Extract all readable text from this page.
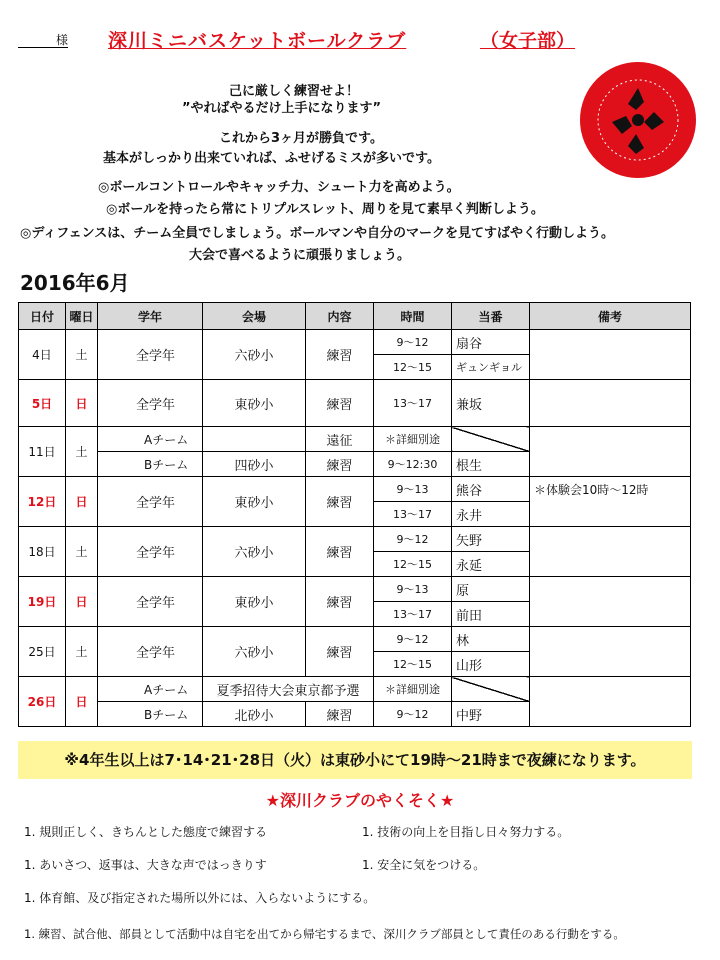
様 深川ミニバスケットボールクラブ	（女子部）
己に厳しく練習せよ！
”やればやるだけ上手になります”
これから3ヶ月が勝負です。
基本がしっかり出来ていれば、ふせげるミスが多いです。
◎ボールコントロールやキャッチ力、シュート力を高めよう。
◎ボールを持ったら常にトリプルスレット、周りを見て素早く判断しよう。
◎ディフェンスは、チーム全員でしましょう。ボールマンや自分のマークを見てすばやく行動しよう。
大会で喜べるように頑張りましょう。
2016年6月
日付	曜日	学年	会場	内容	時間	当番	備考
4日	土	全学年	六砂小	練習	9～12	扇谷	
					12～15	ギュンギョル	
5日	日	全学年	東砂小	練習	13～17	兼坂	
11日	土	Aチーム		遠征	＊詳細別途		
		Bチーム	四砂小	練習	9～12:30	根生	
12日	日	全学年	東砂小	練習	9～13	熊谷	＊体験会10時～12時
					13～17	永井	
18日	土	全学年	六砂小	練習	9～12	矢野	
					12～15	永延	
19日	日	全学年	東砂小	練習	9～13	原	
					13～17	前田	
25日	土	全学年	六砂小	練習	9～12	林	
					12～15	山形	
26日	日	Aチーム	夏季招待大会東京都予選		＊詳細別途		
		Bチーム	北砂小	練習	9～12	中野	
※4年生以上は7･14･21･28日（火）は東砂小にて19時～21時まで夜練になります。
★深川クラブのやくそく★
1. 規則正しく、きちんとした態度で練習する	1. 技術の向上を目指し日々努力する。
1. あいさつ、返事は、大きな声ではっきりす	1. 安全に気をつける。
1. 体育館、及び指定された場所以外には、入らないようにする。
1. 練習、試合他、部員として活動中は自宅を出てから帰宅するまで、深川クラブ部員として責任のある行動をする。
